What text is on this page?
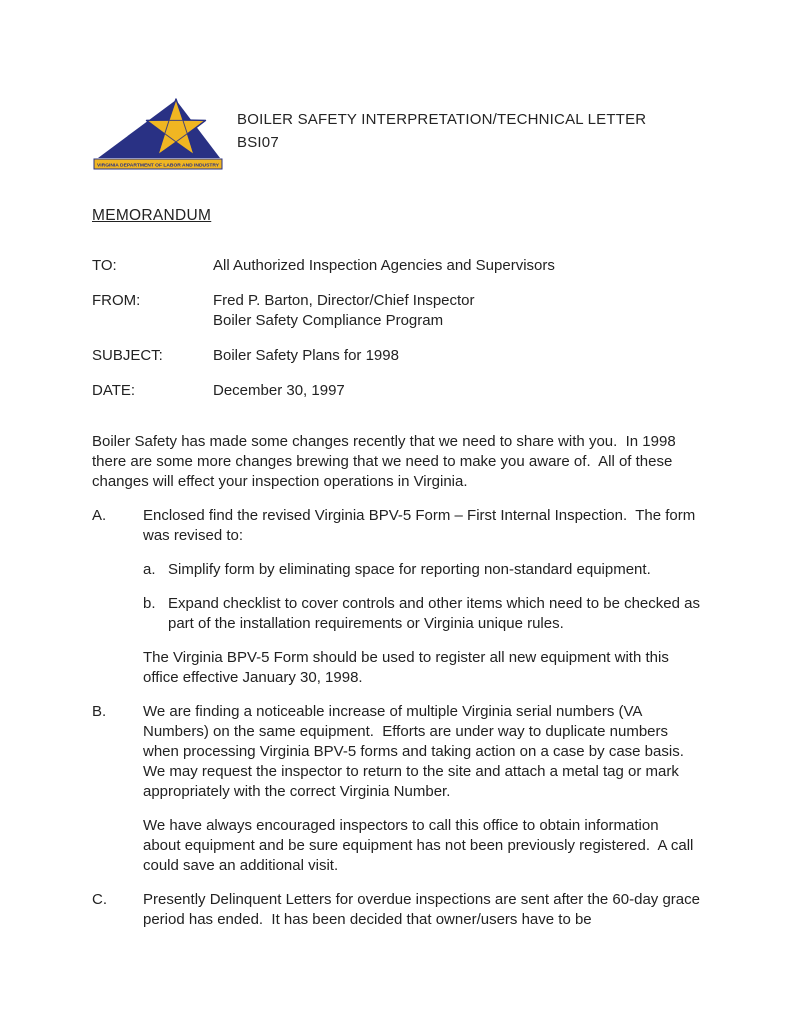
VIRGINIA DEPARTMENT OF LABOR AND INDUSTRY
BOILER SAFETY INTERPRETATION/TECHNICAL LETTER
BSI07
MEMORANDUM
TO:	All Authorized Inspection Agencies and Supervisors
FROM:	Fred P. Barton, Director/Chief Inspector
Boiler Safety Compliance Program
SUBJECT:	Boiler Safety Plans for 1998
DATE:	December 30, 1997

Boiler Safety has made some changes recently that we need to share with you.  In 1998 there are some more changes brewing that we need to make you aware of.  All of these changes will effect your inspection operations in Virginia.

A.	Enclosed find the revised Virginia BPV-5 Form – First Internal Inspection.  The form was revised to:
a. Simplify form by eliminating space for reporting non-standard equipment.
b. Expand checklist to cover controls and other items which need to be checked as part of the installation requirements or Virginia unique rules.

The Virginia BPV-5 Form should be used to register all new equipment with this office effective January 30, 1998.

B.	We are finding a noticeable increase of multiple Virginia serial numbers (VA Numbers) on the same equipment.  Efforts are under way to duplicate numbers when processing Virginia BPV-5 forms and taking action on a case by case basis.  We may request the inspector to return to the site and attach a metal tag or mark appropriately with the correct Virginia Number.

We have always encouraged inspectors to call this office to obtain information about equipment and be sure equipment has not been previously registered.  A call could save an additional visit.

C.	Presently Delinquent Letters for overdue inspections are sent after the 60-day grace period has ended.  It has been decided that owner/users have to be
